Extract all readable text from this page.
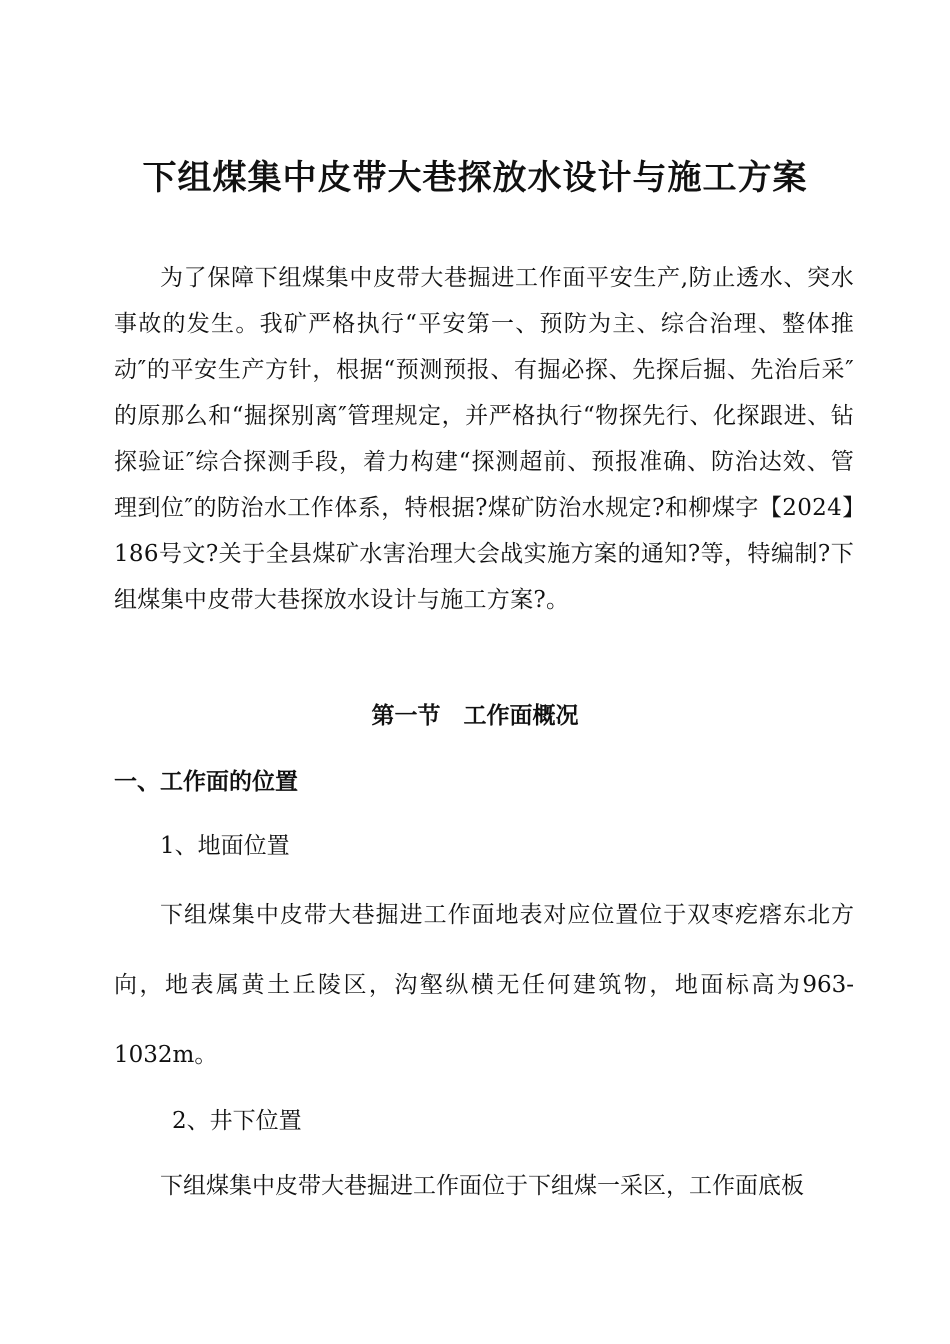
下组煤集中皮带大巷探放水设计与施工方案

为了保障下组煤集中皮带大巷掘进工作面平安生产,防止透水、突水事故的发生。我矿严格执行“平安第一、预防为主、综合治理、整体推动″的平安生产方针，根据“预测预报、有掘必探、先探后掘、先治后采″的原那么和“掘探别离″管理规定，并严格执行“物探先行、化探跟进、钻探验证″综合探测手段，着力构建“探测超前、预报准确、防治达效、管理到位″的防治水工作体系，特根据?煤矿防治水规定?和柳煤字【2024】186号文?关于全县煤矿水害治理大会战实施方案的通知?等，特编制?下组煤集中皮带大巷探放水设计与施工方案?。

第一节　工作面概况
一、工作面的位置
1、地面位置

下组煤集中皮带大巷掘进工作面地表对应位置位于双枣疙瘩东北方向，地表属黄土丘陵区，沟壑纵横无任何建筑物，地面标高为963-1032m。

2、井下位置

下组煤集中皮带大巷掘进工作面位于下组煤一采区，工作面底板
